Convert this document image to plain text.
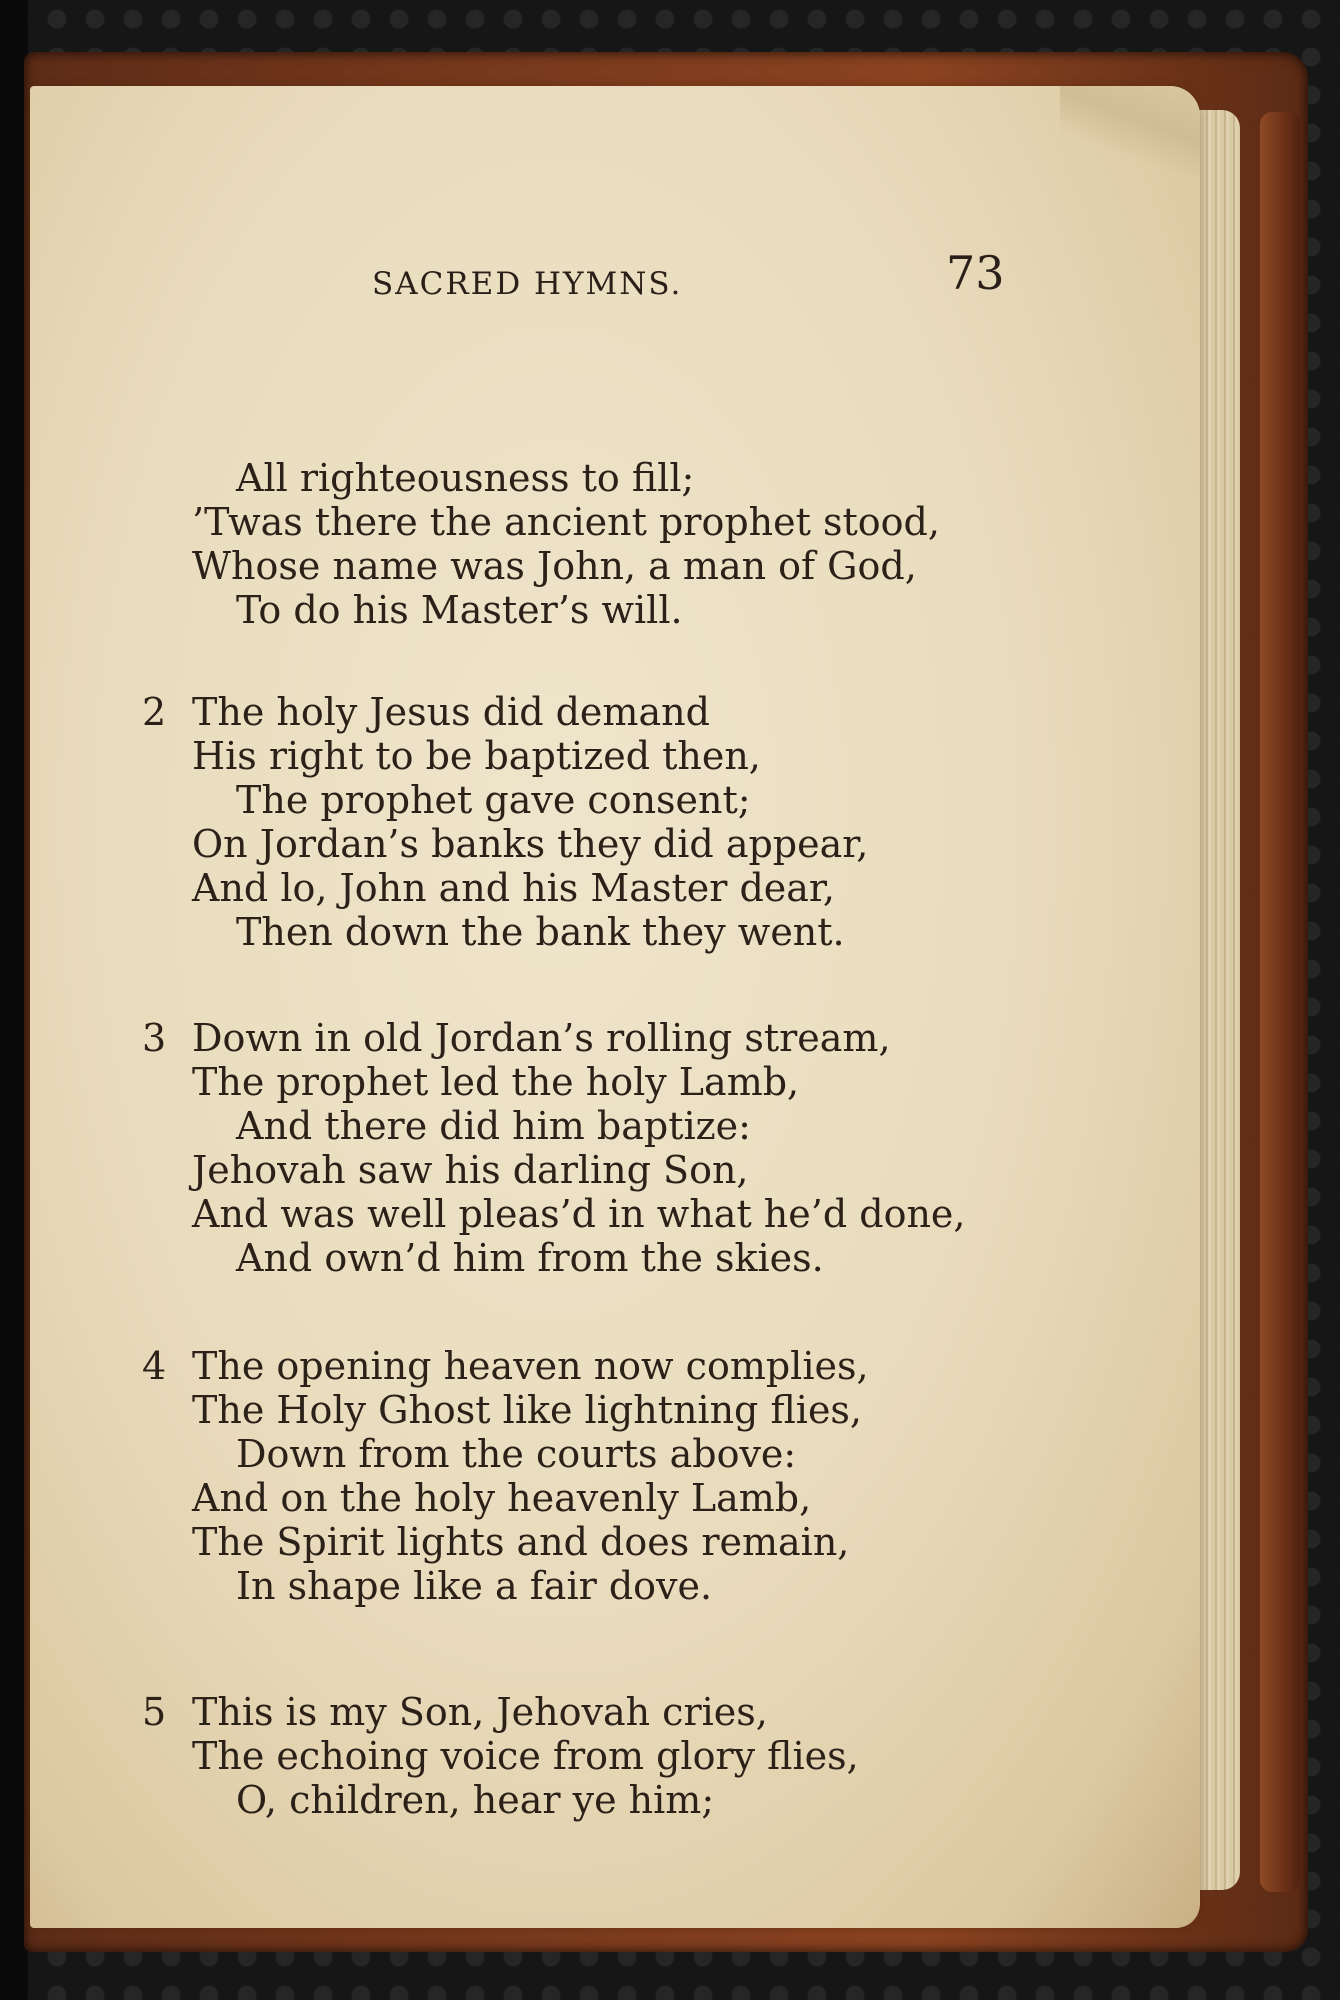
SACRED HYMNS.	73
All righteousness to fill;
’Twas there the ancient prophet stood,
Whose name was John, a man of God,
To do his Master’s will.
2 The holy Jesus did demand
His right to be baptized then,
The prophet gave consent;
On Jordan’s banks they did appear,
And lo, John and his Master dear,
Then down the bank they went.
3 Down in old Jordan’s rolling stream,
The prophet led the holy Lamb,
And there did him baptize:
Jehovah saw his darling Son,
And was well pleas’d in what he’d done,
And own’d him from the skies.
4 The opening heaven now complies,
The Holy Ghost like lightning flies,
Down from the courts above:
And on the holy heavenly Lamb,
The Spirit lights and does remain,
In shape like a fair dove.
5 This is my Son, Jehovah cries,
The echoing voice from glory flies,
O, children, hear ye him;
